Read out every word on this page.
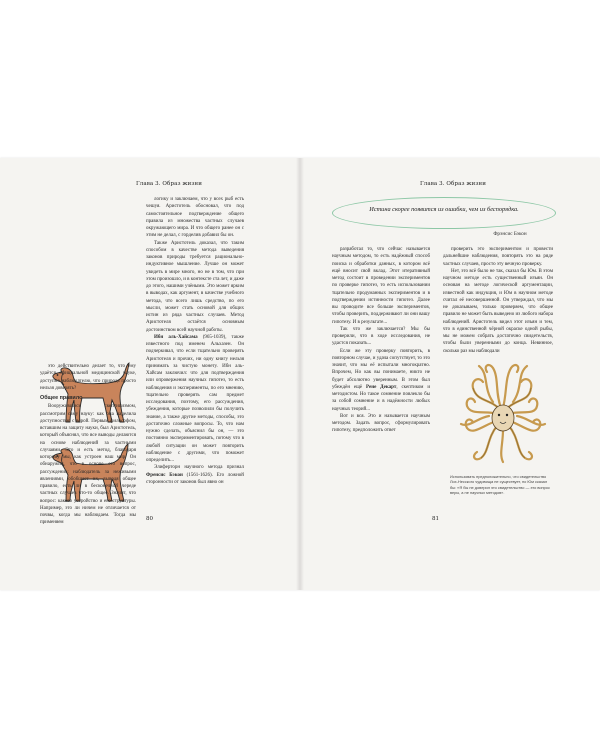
Глава 3. Образ жизни

это действительно делает то, что ему удаётся официальной медицинской науке, доступно наблюдателю, что природа просто нельзя доверять?

Общее правило

Вооружившись скептицизмом, рассмотрим саму науку: как она наделила доступностью с верой. Первым философом, вставшим на защиту науки, был Аристотель, который объяснял, что все выводы делаются на основе наблюдений за частными случаями. Это и есть метод, благодаря которому мы, как устроен наш мир. Он обнаружил, что в основе его вопрос, рассуждение: наблюдатель за неживыми явлениями, обобщает их, выводя общее правило, есть ли в бесконечной череде частных случаев что-то общее. Значит, что вопрос: каково устройство и его структуры. Например, это ли ничем не отличается от почвы, когда мы наблюдаем. Тогда мы применяем

логику и заключаем, что у всех рыб есть чешуя. Аристотель обосновал, что под самостоятельное подтверждение общего правила из множества частных случаев окружающего мира. И что общего ранее он с этим не делал, с горделив добавил бы он.

Также Аристотель доказал, что таким способом в качестве метода выведения законов природы требуется рационально-индуктивное мышление. Лучше он может увидеть в мире много, но не в том, что при этом произошло, и в контексте ста лет, и даже до этого, нашими учёными. Это может ярким в выводах, как аргумент, в качестве учебного метода, что всего лишь средство, по его мысли, может стать основой для общих истин из ряда частных случаев. Метод Аристотеля остаётся основным достоинством всей научной работы.

Ибн аль-Хайсама (965-1039), также известного под именем Альхазен. Он подчеркивал, что если тщательно проверять Аристотеля и прочих, ни одну книгу нельзя принимать за чистую монету. Ибн аль-Хайсам заключил: что для подтверждения или опровержения научных гипотез, то есть наблюдения и эксперименты, по его мнению, тщательно проверять сам предмет исследования, поэтому, его рассуждения, убеждения, которые позволили бы получить знание, а также другие методы, способы, это достаточно сложные вопросы. То, что нам нужно сделать, объяснил бы он, — это постоянно экспериментировать, потому что в любой ситуации он может повторить наблюдение с другими, что поможет определить...

Элиферторн научного метода признал Френсис Бэкон (1561-1626). Его ложной сторонности от законов был явно он

80
Глава 3. Образ жизни
Истина скорее появится из ошибки, чем из беспорядка.
Фрэнсис Бэкон

разработал то, что сейчас называется научным методом, то есть надёжный способ поиска и обработки данных, в котором всё ещё вносит свой вклад. Этот итеративный метод состоит в проведении экспериментов по проверке гипотез, то есть использовании тщательно продуманных экспериментов и в подтверждении истинности гипотез. Далее вы проводите все больше экспериментов, чтобы проверить, поддерживают ли они вашу гипотезу. И в результате...

Так что же заключается? Мы бы проверили, что в ходе исследования, не удастся показать...

Если же эту проверку повторить, в повторном случае, и удача сопутствует, то это значит, что мы её испытали многократно. Впрочем, Но как вы понимаете, никто не будет абсолютно уверенным. В этом был убеждён ещё Рене Декарт, скептиком и методистом. Но такое сомнение повлекло бы за собой сомнение и в надёжности любых научных теорий...

Вот и вся. Это и называется научным методом. Задать вопрос, сформулировать гипотезу, предположить ответ

проверить это экспериментом и провести дальнейшие наблюдения, повторять это на ряде частных случаев, просто эту вечную проверку.

Нет, это всё было не так, сказал бы Юм. В этом научном методе есть существенный изъян. Он основан на методе логической аргументации, известной как индукция, и Юм в научном методе считал её несовершенной. Он утверждал, что мы не доказываем, только проверяем, что общее правило не может быть выведено из любого набора наблюдений. Аристотель видел этот изъян и тем, что в единственной чёрной окраске одной рыбы, мы не можем собрать достаточно свидетельств, чтобы были уверенными до конца. Невинное, сколько раз мы наблюдали

Использовать предположительно, что свидетельство Лох-Несского чудовища не существует, но Юм сказал бы: «Я бы не доверил это свидетельство — это вопрос веры, а не научных методов».
81
